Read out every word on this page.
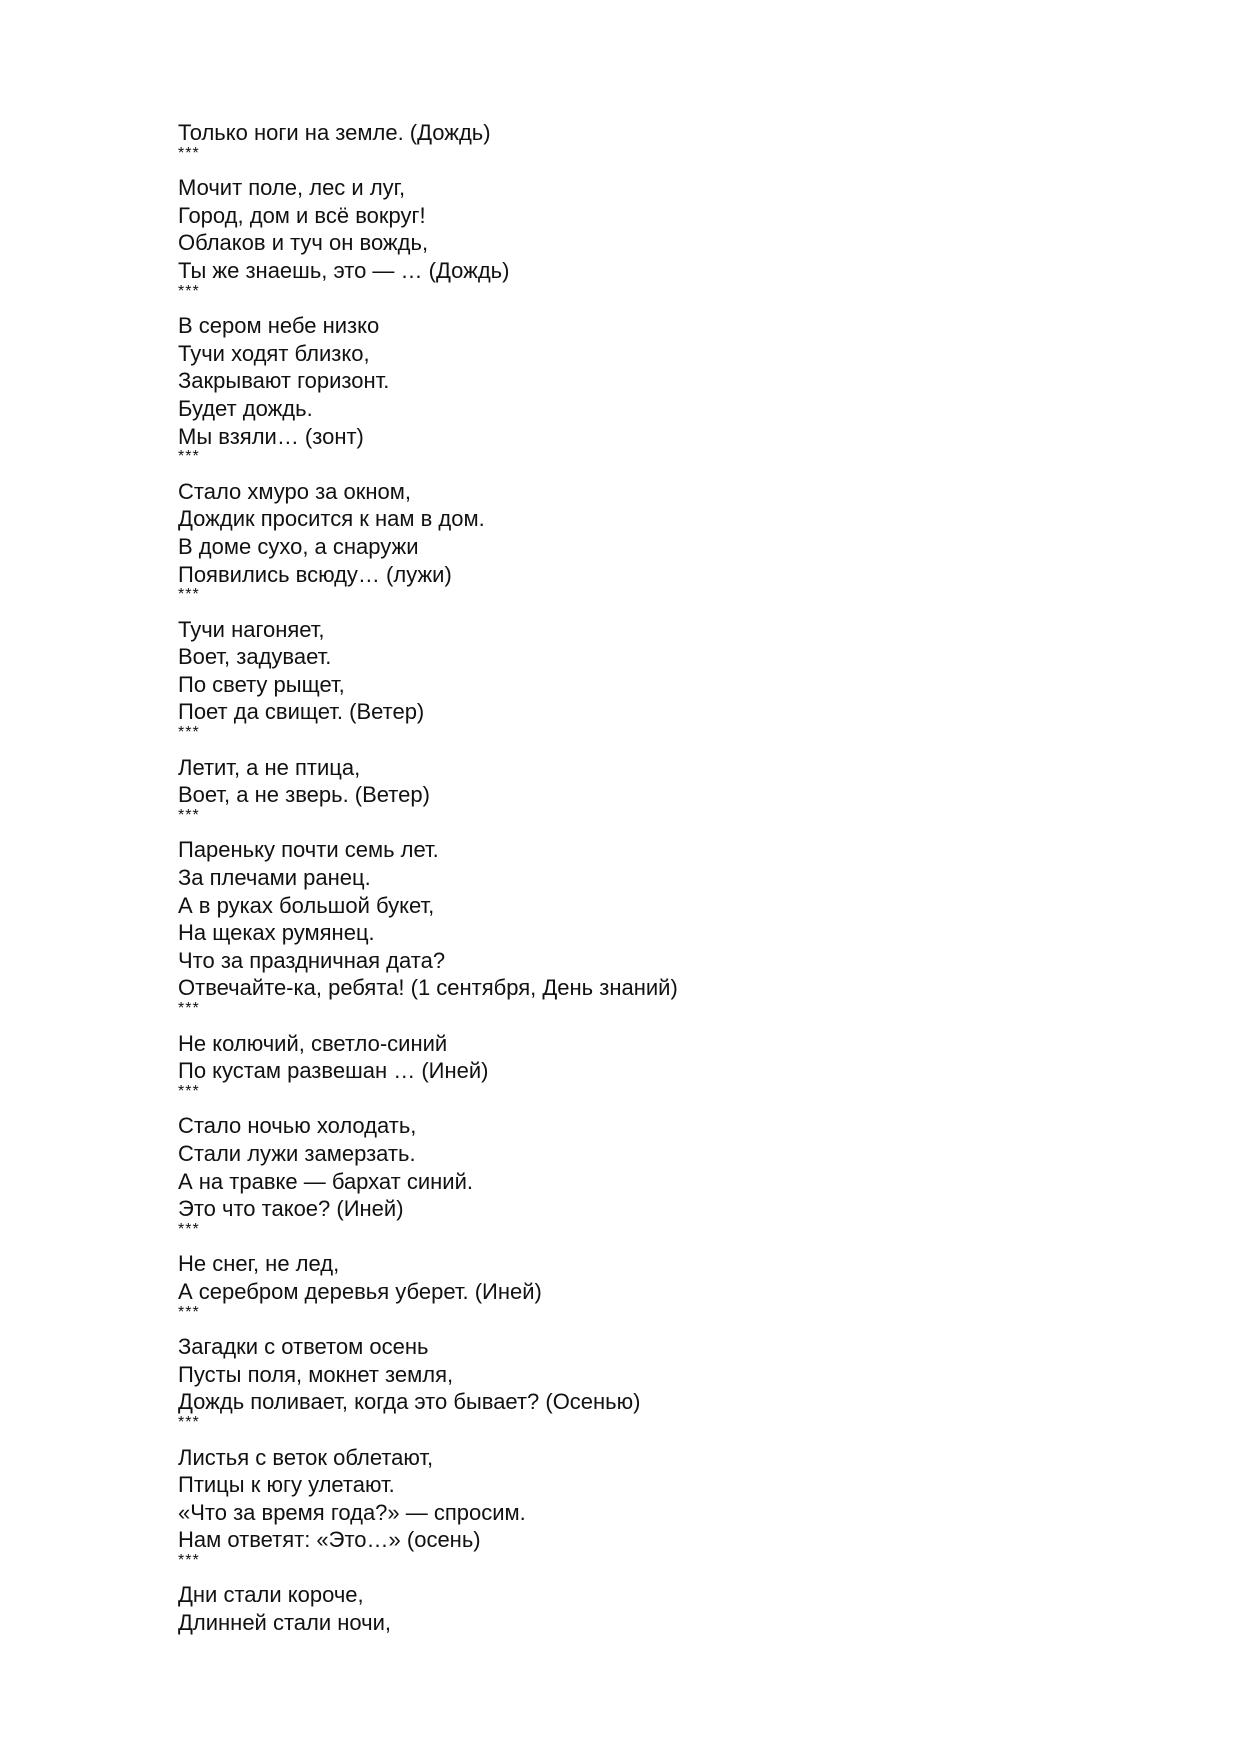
Только ноги на земле. (Дождь)
***
Мочит поле, лес и луг,
Город, дом и всё вокруг!
Облаков и туч он вождь,
Ты же знаешь, это — … (Дождь)
***
В сером небе низко
Тучи ходят близко,
Закрывают горизонт.
Будет дождь.
Мы взяли… (зонт)
***
Стало хмуро за окном,
Дождик просится к нам в дом.
В доме сухо, а снаружи
Появились всюду… (лужи)
***
Тучи нагоняет,
Воет, задувает.
По свету рыщет,
Поет да свищет. (Ветер)
***
Летит, а не птица,
Воет, а не зверь. (Ветер)
***
Пареньку почти семь лет.
За плечами ранец.
А в руках большой букет,
На щеках румянец.
Что за праздничная дата?
Отвечайте-ка, ребята! (1 сентября, День знаний)
***
Не колючий, светло-синий
По кустам развешан … (Иней)
***
Стало ночью холодать,
Стали лужи замерзать.
А на травке — бархат синий.
Это что такое? (Иней)
***
Не снег, не лед,
А серебром деревья уберет. (Иней)
***
Загадки с ответом осень
Пусты поля, мокнет земля,
Дождь поливает, когда это бывает? (Осенью)
***
Листья с веток облетают,
Птицы к югу улетают.
«Что за время года?» — спросим.
Нам ответят: «Это…» (осень)
***
Дни стали короче,
Длинней стали ночи,
